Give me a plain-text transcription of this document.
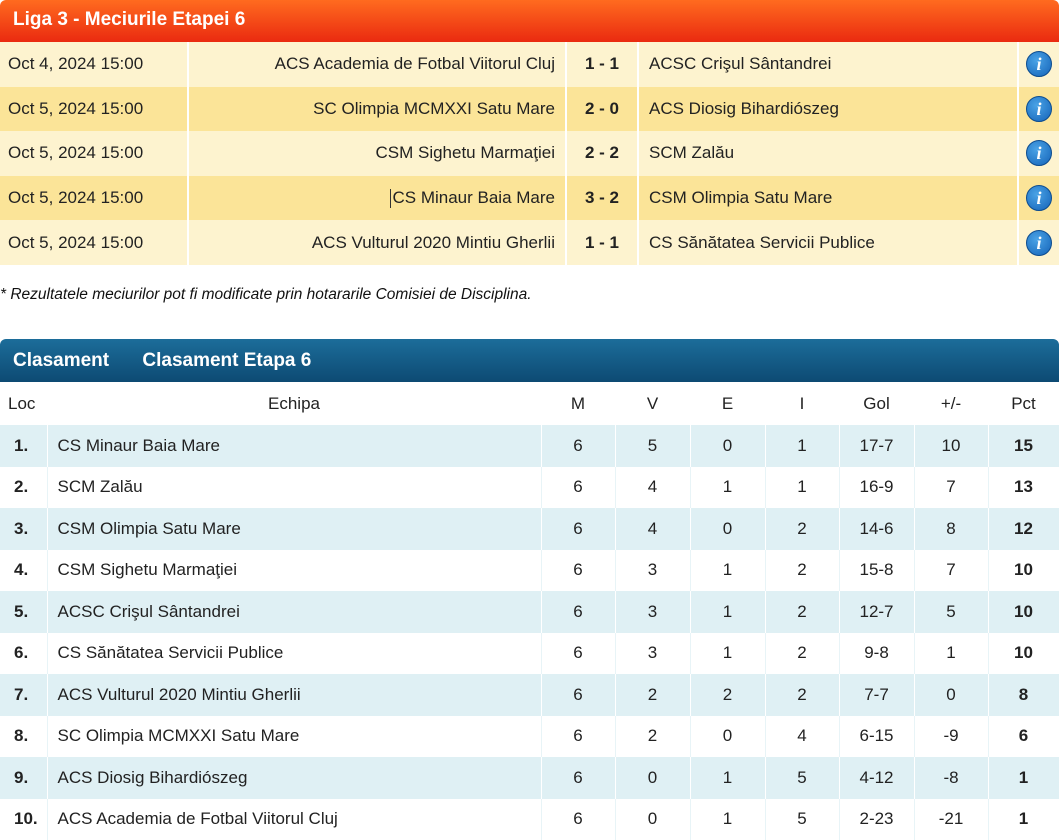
Liga 3 - Meciurile Etapei 6
Oct 4, 2024 15:00	ACS Academia de Fotbal Viitorul Cluj	1 - 1	ACSC Crişul Sântandrei	i
Oct 5, 2024 15:00	SC Olimpia MCMXXI Satu Mare	2 - 0	ACS Diosig Bihardiószeg	i
Oct 5, 2024 15:00	CSM Sighetu Marmaţiei	2 - 2	SCM Zalău	i
Oct 5, 2024 15:00	CS Minaur Baia Mare	3 - 2	CSM Olimpia Satu Mare	i
Oct 5, 2024 15:00	ACS Vulturul 2020 Mintiu Gherlii	1 - 1	CS Sănătatea Servicii Publice	i
* Rezultatele meciurilor pot fi modificate prin hotararile Comisiei de Disciplina.
Clasament Clasament Etapa 6
Loc	Echipa	M	V	E	I	Gol	+/-	Pct
1.	CS Minaur Baia Mare	6	5	0	1	17-7	10	15
2.	SCM Zalău	6	4	1	1	16-9	7	13
3.	CSM Olimpia Satu Mare	6	4	0	2	14-6	8	12
4.	CSM Sighetu Marmaţiei	6	3	1	2	15-8	7	10
5.	ACSC Crişul Sântandrei	6	3	1	2	12-7	5	10
6.	CS Sănătatea Servicii Publice	6	3	1	2	9-8	1	10
7.	ACS Vulturul 2020 Mintiu Gherlii	6	2	2	2	7-7	0	8
8.	SC Olimpia MCMXXI Satu Mare	6	2	0	4	6-15	-9	6
9.	ACS Diosig Bihardiószeg	6	0	1	5	4-12	-8	1
10.	ACS Academia de Fotbal Viitorul Cluj	6	0	1	5	2-23	-21	1
